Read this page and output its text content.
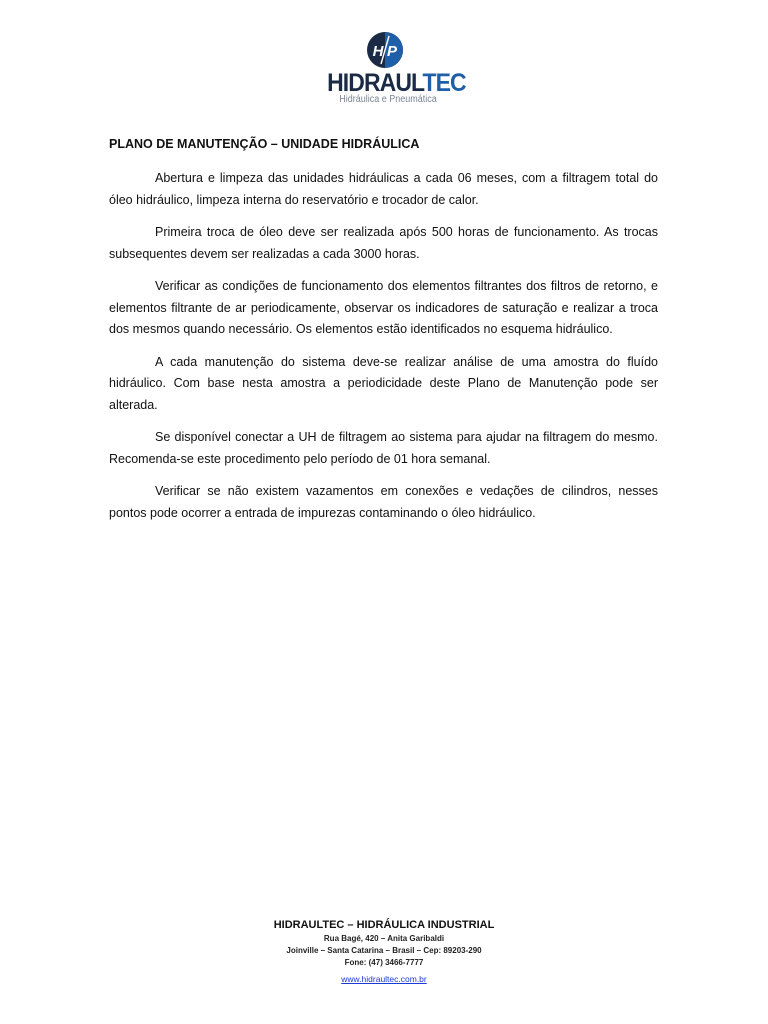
H P
HIDRAULTEC
Hidráulica e Pneumática
PLANO DE MANUTENÇÃO – UNIDADE HIDRÁULICA

Abertura e limpeza das unidades hidráulicas a cada 06 meses, com a filtragem total do óleo hidráulico, limpeza interna do reservatório e trocador de calor.

Primeira troca de óleo deve ser realizada após 500 horas de funcionamento. As trocas subsequentes devem ser realizadas a cada 3000 horas.

Verificar as condições de funcionamento dos elementos filtrantes dos filtros de retorno, e elementos filtrante de ar periodicamente, observar os indicadores de saturação e realizar a troca dos mesmos quando necessário. Os elementos estão identificados no esquema hidráulico.

A cada manutenção do sistema deve-se realizar análise de uma amostra do fluído hidráulico. Com base nesta amostra a periodicidade deste Plano de Manutenção pode ser alterada.

Se disponível conectar a UH de filtragem ao sistema para ajudar na filtragem do mesmo. Recomenda-se este procedimento pelo período de 01 hora semanal.

Verificar se não existem vazamentos em conexões e vedações de cilindros, nesses pontos pode ocorrer a entrada de impurezas contaminando o óleo hidráulico.

HIDRAULTEC – HIDRÁULICA INDUSTRIAL
Rua Bagé, 420 – Anita Garibaldi
Joinville – Santa Catarina – Brasil – Cep: 89203-290
Fone: (47) 3466-7777
www.hidraultec.com.br
